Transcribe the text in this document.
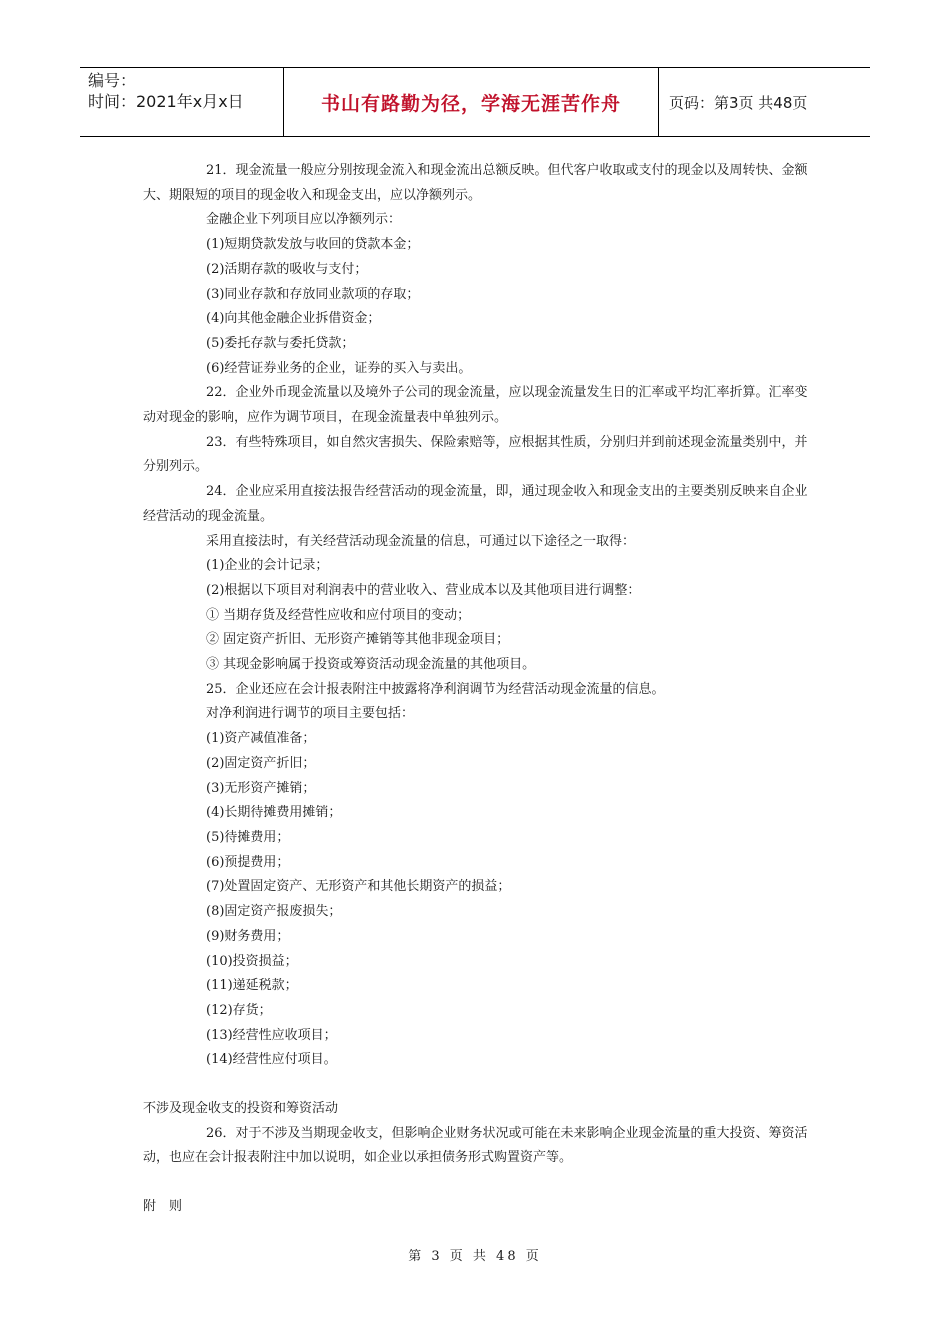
编号：
时间：2021年x月x日	书山有路勤为径，学海无涯苦作舟	页码：第3页 共48页

21．现金流量一般应分别按现金流入和现金流出总额反映。但代客户收取或支付的现金以及周转快、金额大、期限短的项目的现金收入和现金支出，应以净额列示。

金融企业下列项目应以净额列示：

(1)短期贷款发放与收回的贷款本金；

(2)活期存款的吸收与支付；

(3)同业存款和存放同业款项的存取；

(4)向其他金融企业拆借资金；

(5)委托存款与委托贷款；

(6)经营证券业务的企业，证券的买入与卖出。

22．企业外币现金流量以及境外子公司的现金流量，应以现金流量发生日的汇率或平均汇率折算。汇率变动对现金的影响，应作为调节项目，在现金流量表中单独列示。

23．有些特殊项目，如自然灾害损失、保险索赔等，应根据其性质，分别归并到前述现金流量类别中，并分别列示。

24．企业应采用直接法报告经营活动的现金流量，即，通过现金收入和现金支出的主要类别反映来自企业经营活动的现金流量。

采用直接法时，有关经营活动现金流量的信息，可通过以下途径之一取得：

(1)企业的会计记录；

(2)根据以下项目对利润表中的营业收入、营业成本以及其他项目进行调整：

① 当期存货及经营性应收和应付项目的变动；

② 固定资产折旧、无形资产摊销等其他非现金项目；

③ 其现金影响属于投资或筹资活动现金流量的其他项目。

25．企业还应在会计报表附注中披露将净利润调节为经营活动现金流量的信息。

对净利润进行调节的项目主要包括：

(1)资产减值准备；

(2)固定资产折旧；

(3)无形资产摊销；

(4)长期待摊费用摊销；

(5)待摊费用；

(6)预提费用；

(7)处置固定资产、无形资产和其他长期资产的损益；

(8)固定资产报废损失；

(9)财务费用；

(10)投资损益；

(11)递延税款；

(12)存货；

(13)经营性应收项目；

(14)经营性应付项目。

不涉及现金收支的投资和筹资活动

26．对于不涉及当期现金收支，但影响企业财务状况或可能在未来影响企业现金流量的重大投资、筹资活动，也应在会计报表附注中加以说明，如企业以承担债务形式购置资产等。

附　则

第 3 页 共 48 页
